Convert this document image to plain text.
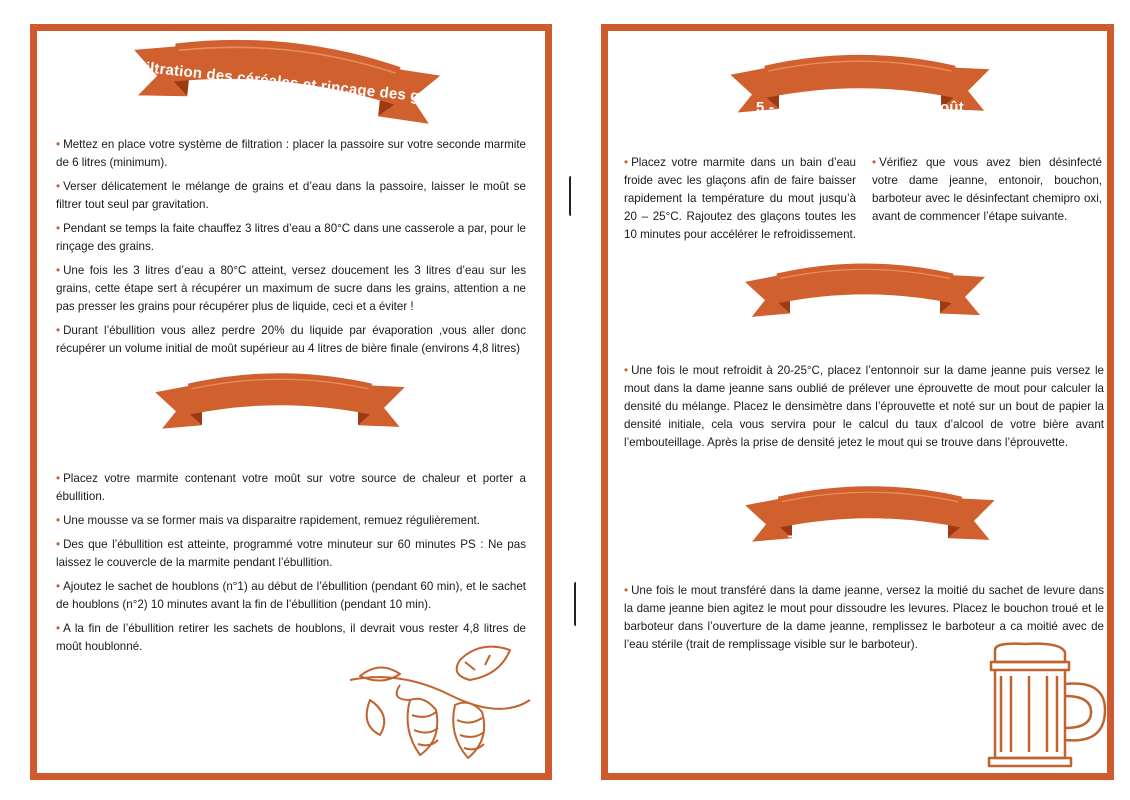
3 - Filtration des céréales et rinçage des grains

• Mettez en place votre système de filtration : placer la passoire sur votre seconde marmite de 6 litres (minimum).

• Verser délicatement le mélange de grains et d’eau dans la passoire, laisser le moût se filtrer tout seul par gravitation.

• Pendant se temps la faite chauffez 3 litres d’eau a 80°C dans une casserole a par, pour le rinçage des grains.

• Une fois les 3 litres d’eau a 80°C atteint, versez doucement les 3 litres d’eau sur les grains, cette étape sert à récupérer un maximum de sucre dans les grains, attention a ne pas presser les grains pour récupérer plus de liquide, ceci et a éviter !

• Durant l’ébullition vous allez perdre 20% du liquide par évaporation ,vous aller donc récupérer un volume initial de moût supérieur au 4 litres de bière finale (environs 4,8 litres)

4 - Ébullition

• Placez votre marmite contenant votre moût sur votre source de chaleur et porter a ébullition.

• Une mousse va se former mais va disparaitre rapidement, remuez régulièrement.

• Des que l’ébullition est atteinte, programmé votre minuteur sur 60 minutes PS : Ne pas laissez le couvercle de la marmite pendant l’ébullition.

• Ajoutez le sachet de houblons (n°1) au début de l’ébullition (pendant 60 min), et le sachet de houblons (n°2) 10 minutes avant la fin de l’ébullition (pendant 10 min).

• A la fin de l’ébullition retirer les sachets de houblons, il devrait vous rester 4,8 litres de moût houblonné.

5 - Refroidissement du moût

• Placez votre marmite dans un bain d’eau froide avec les glaçons afin de faire baisser rapidement la température du mout jusqu’à 20 – 25°C. Rajoutez des glaçons toutes les 10 minutes pour accélérer le refroidissement.

• Vérifiez que vous avez bien désinfecté votre dame jeanne, entonoir, bouchon, barboteur avec le désinfectant chemipro oxi, avant de commencer l’étape suivante.

6 - Transvasage

• Une fois le mout refroidit à 20-25°C, placez l’entonnoir sur la dame jeanne puis versez le mout dans la dame jeanne sans oublié de prélever une éprouvette de mout pour calculer la densité du mélange. Placez le densimètre dans l’éprouvette et noté sur un bout de papier la densité initiale, cela vous servira pour le calcul du taux d’alcool de votre bière avant l’embouteillage. Après la prise de densité jetez le mout qui se trouve dans l’éprouvette.

7- Ajout des levures

• Une fois le mout transféré dans la dame jeanne, versez la moitié du sachet de levure dans la dame jeanne bien agitez le mout pour dissoudre les levures. Placez le bouchon troué et le barboteur dans l’ouverture de la dame jeanne, remplissez le barboteur a ca moitié avec de l’eau stérile (trait de remplissage visible sur le barboteur).
